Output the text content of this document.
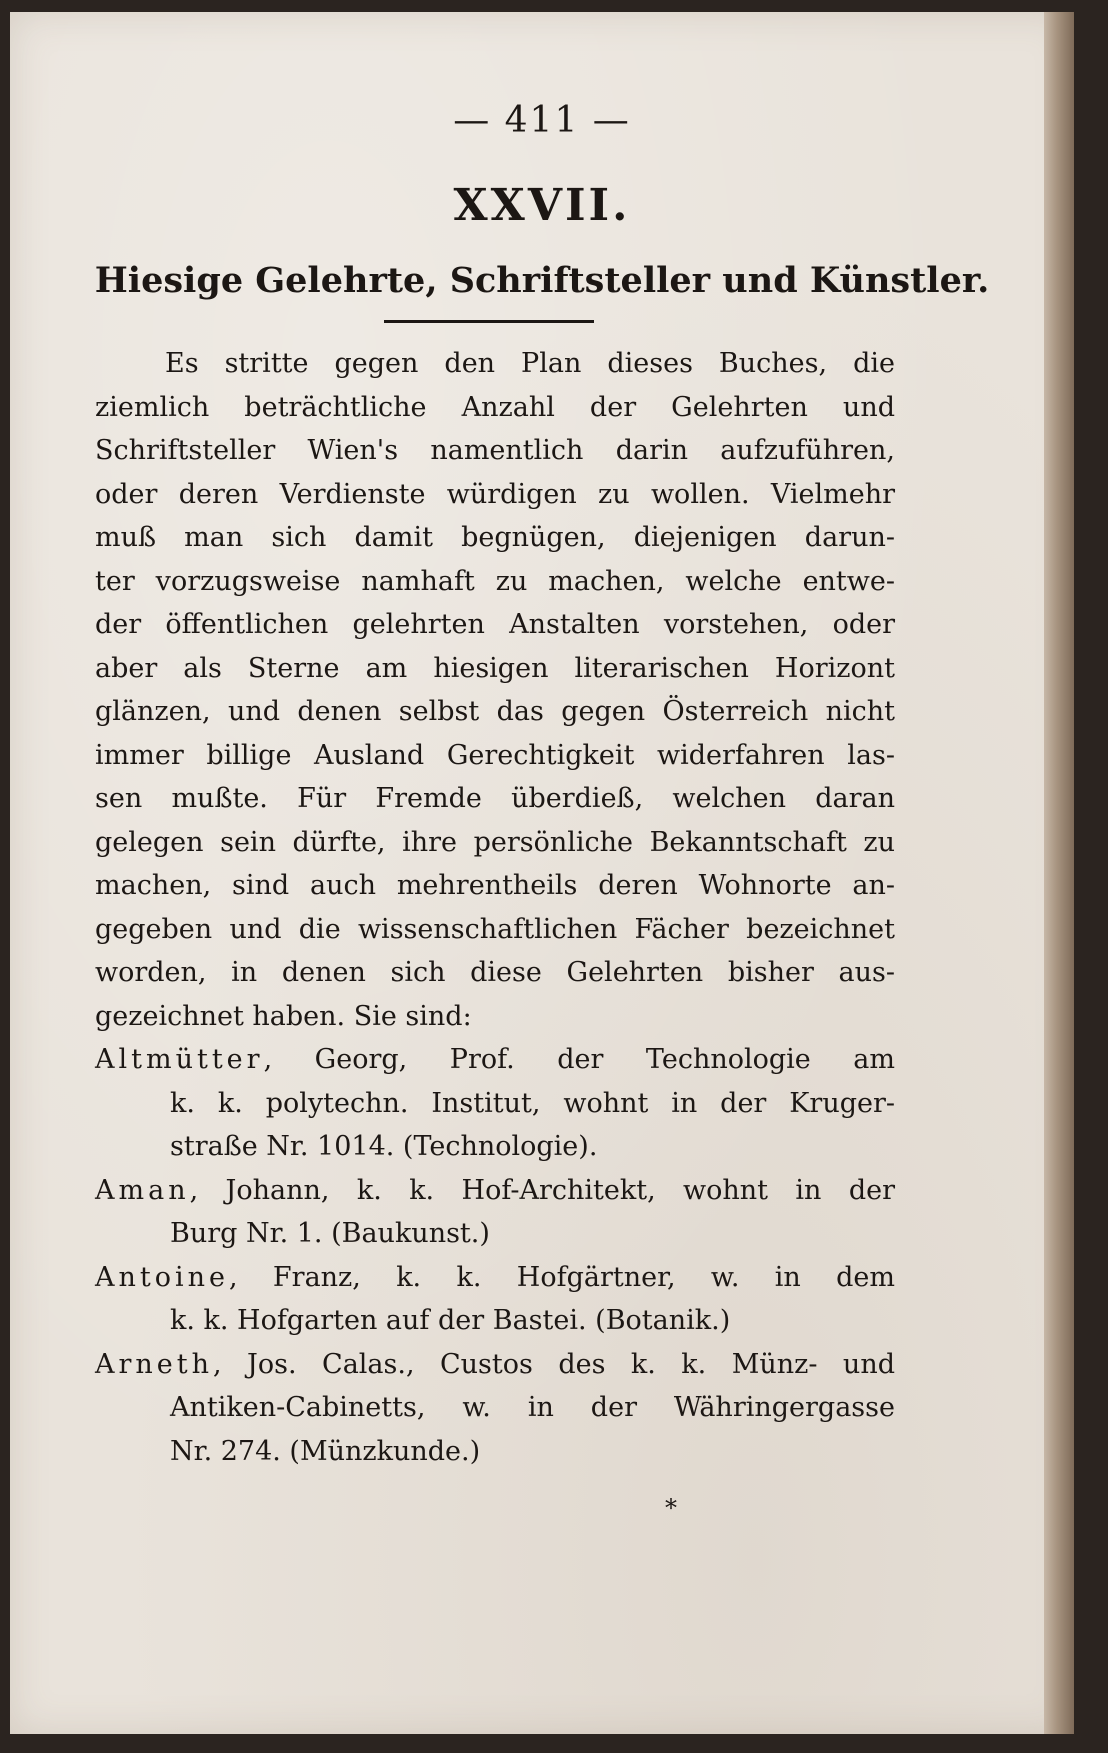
— 411 —
XXVII.
Hiesige Gelehrte, Schriftsteller und Künstler.

Es stritte gegen den Plan dieses Buches, die

ziemlich beträchtliche Anzahl der Gelehrten und

Schriftsteller Wien's namentlich darin aufzuführen,

oder deren Verdienste würdigen zu wollen. Vielmehr

muß man sich damit begnügen, diejenigen darun-

ter vorzugsweise namhaft zu machen, welche entwe-

der öffentlichen gelehrten Anstalten vorstehen, oder

aber als Sterne am hiesigen literarischen Horizont

glänzen, und denen selbst das gegen Österreich nicht

immer billige Ausland Gerechtigkeit widerfahren las-

sen mußte. Für Fremde überdieß, welchen daran

gelegen sein dürfte, ihre persönliche Bekanntschaft zu

machen, sind auch mehrentheils deren Wohnorte an-

gegeben und die wissenschaftlichen Fächer bezeichnet

worden, in denen sich diese Gelehrten bisher aus-

gezeichnet haben. Sie sind:

Altmütter, Georg, Prof. der Technologie am

k. k. polytechn. Institut, wohnt in der Kruger-

straße Nr. 1014. (Technologie).

Aman, Johann, k. k. Hof-Architekt, wohnt in der

Burg Nr. 1. (Baukunst.)

Antoine, Franz, k. k. Hofgärtner, w. in dem

k. k. Hofgarten auf der Bastei. (Botanik.)

Arneth, Jos. Calas., Custos des k. k. Münz- und

Antiken-Cabinetts, w. in der Währingergasse

Nr. 274. (Münzkunde.)

*
